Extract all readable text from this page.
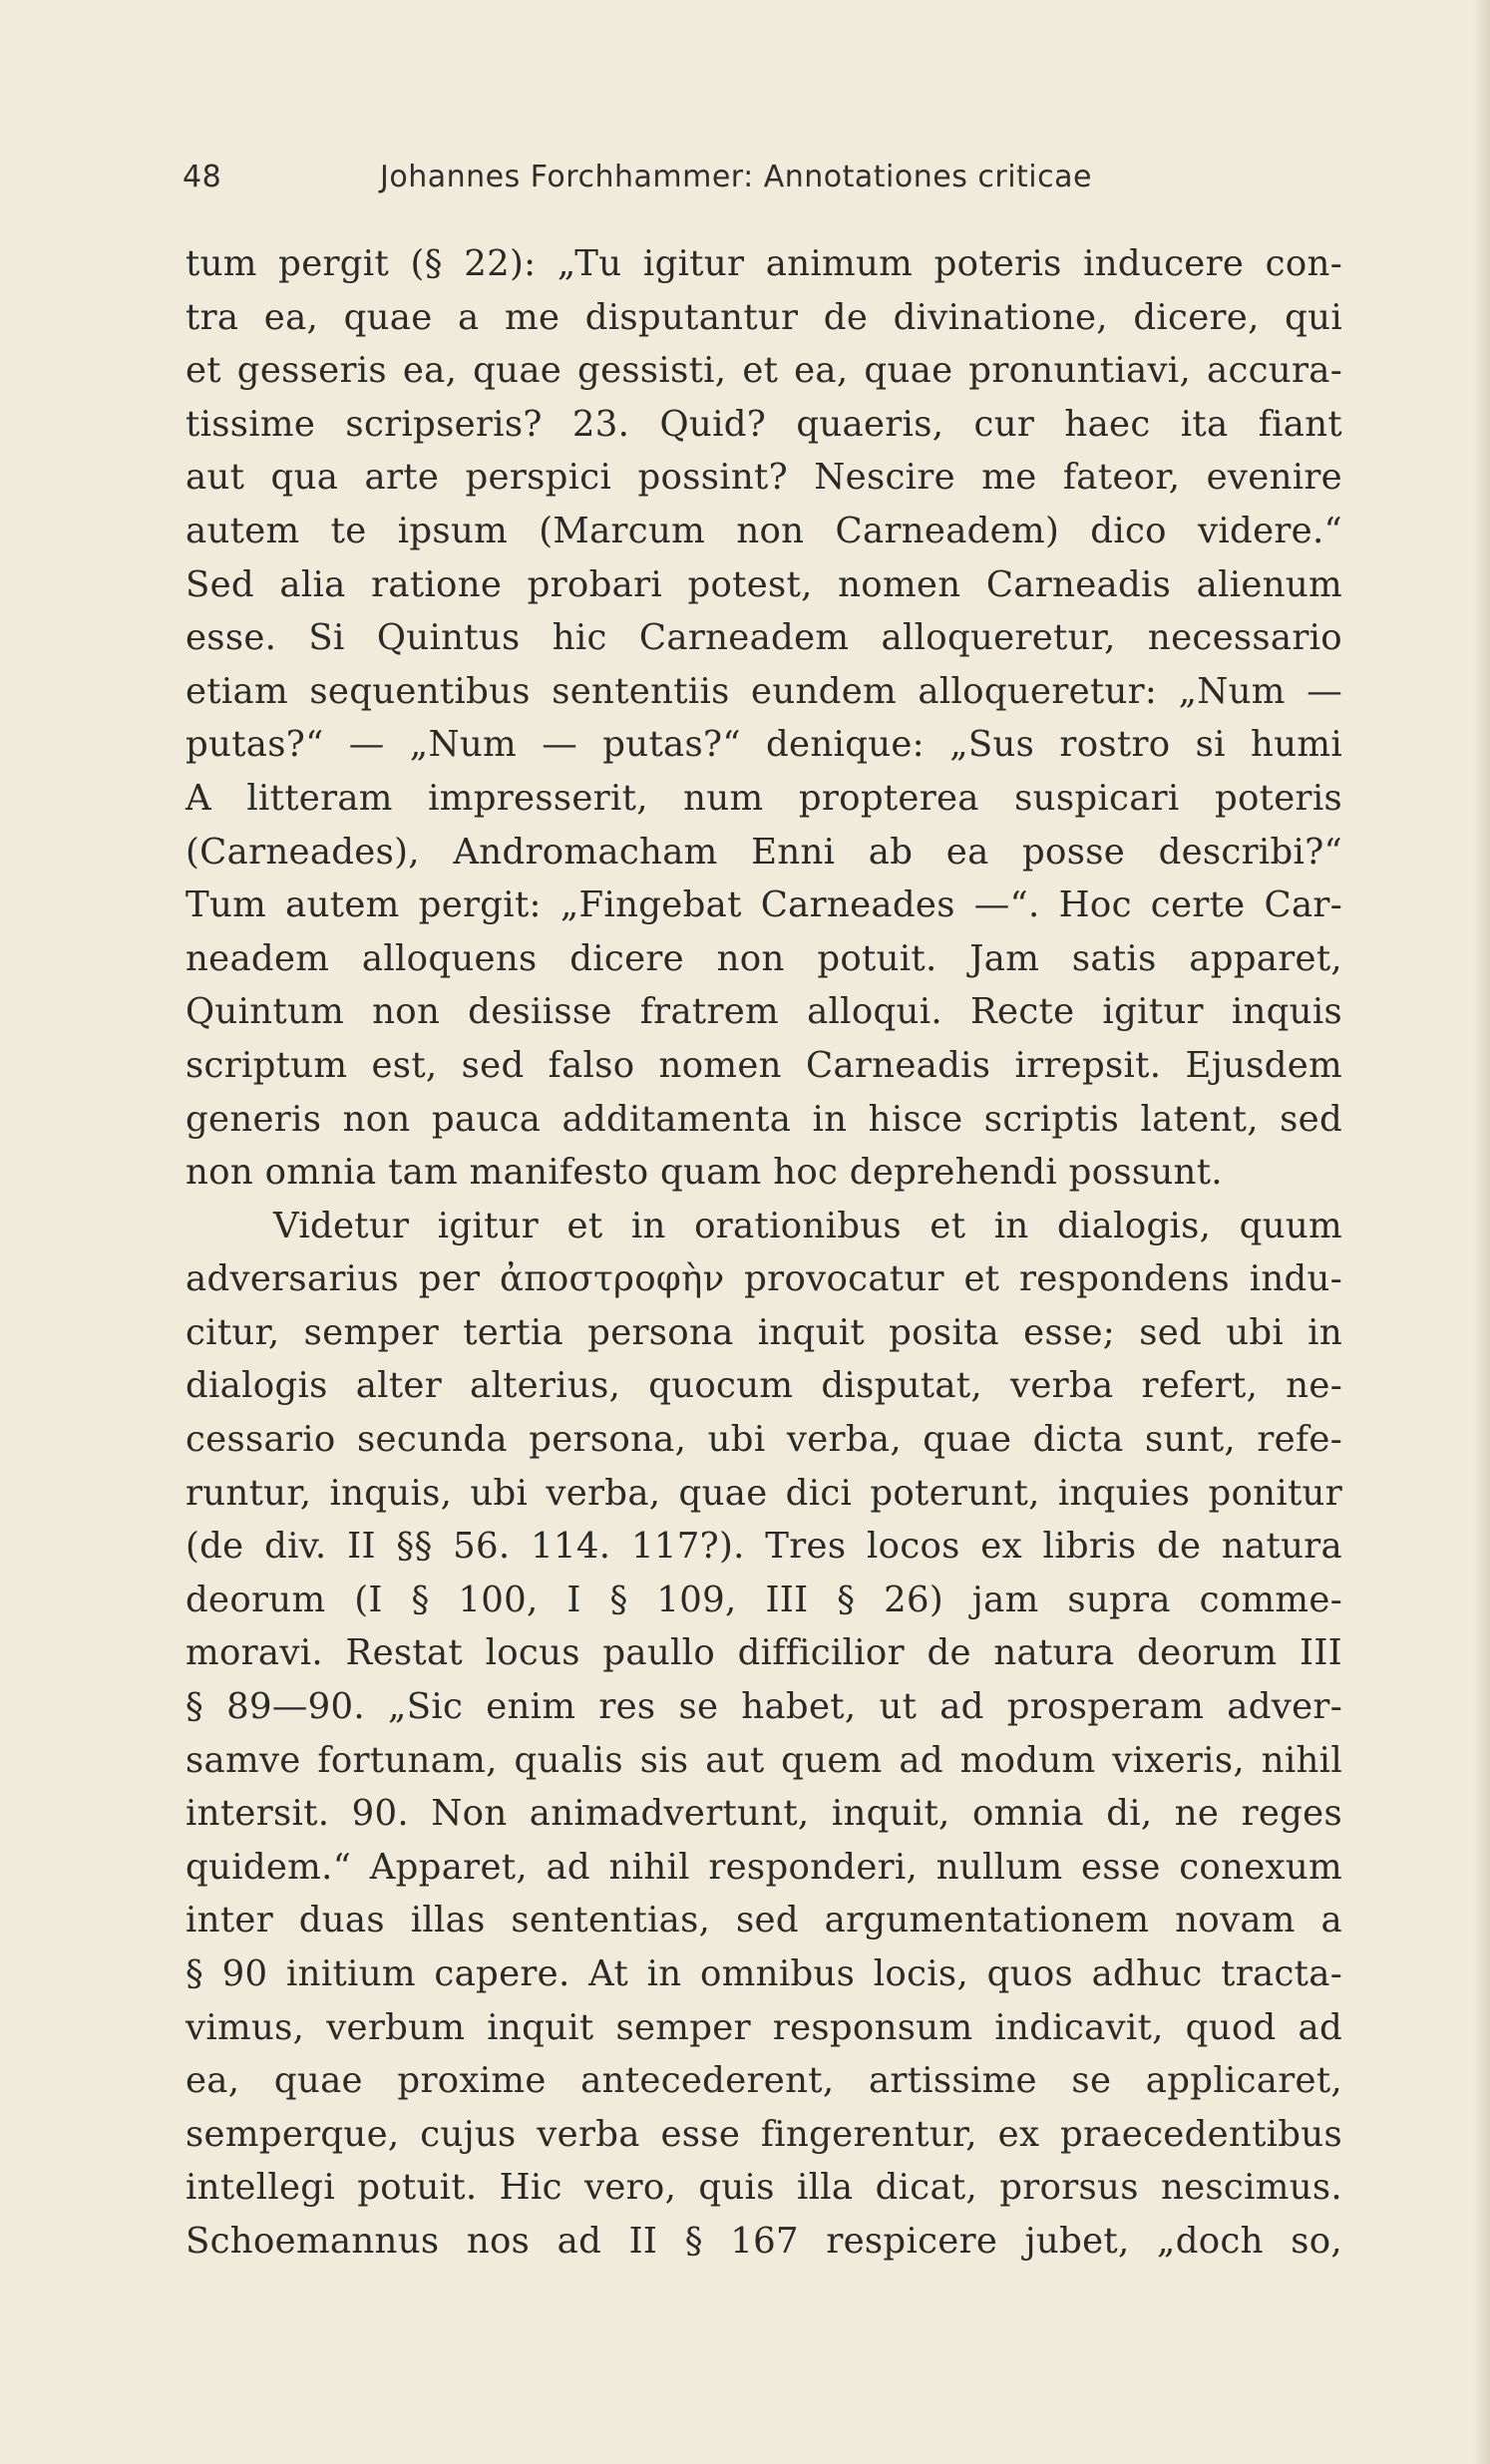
48	Johannes Forchhammer: Annotationes criticae
tum pergit (§ 22): „Tu igitur animum poteris inducere con-
tra ea, quae a me disputantur de divinatione, dicere, qui
et gesseris ea, quae gessisti, et ea, quae pronuntiavi, accura-
tissime scripseris? 23. Quid? quaeris, cur haec ita fiant
aut qua arte perspici possint? Nescire me fateor, evenire
autem te ipsum (Marcum non Carneadem) dico videre.“
Sed alia ratione probari potest, nomen Carneadis alienum
esse. Si Quintus hic Carneadem alloqueretur, necessario
etiam sequentibus sententiis eundem alloqueretur: „Num —
putas?“ — „Num — putas?“ denique: „Sus rostro si humi
A litteram impresserit, num propterea suspicari poteris
(Carneades), Andromacham Enni ab ea posse describi?“
Tum autem pergit: „Fingebat Carneades —“. Hoc certe Car-
neadem alloquens dicere non potuit. Jam satis apparet,
Quintum non desiisse fratrem alloqui. Recte igitur inquis
scriptum est, sed falso nomen Carneadis irrepsit. Ejusdem
generis non pauca additamenta in hisce scriptis latent, sed
non omnia tam manifesto quam hoc deprehendi possunt.
Videtur igitur et in orationibus et in dialogis, quum
adversarius per ἀποστροφὴν provocatur et respondens indu-
citur, semper tertia persona inquit posita esse; sed ubi in
dialogis alter alterius, quocum disputat, verba refert, ne-
cessario secunda persona, ubi verba, quae dicta sunt, refe-
runtur, inquis, ubi verba, quae dici poterunt, inquies ponitur
(de div. II §§ 56. 114. 117?). Tres locos ex libris de natura
deorum (I § 100, I § 109, III § 26) jam supra comme-
moravi. Restat locus paullo difficilior de natura deorum III
§ 89—90. „Sic enim res se habet, ut ad prosperam adver-
samve fortunam, qualis sis aut quem ad modum vixeris, nihil
intersit. 90. Non animadvertunt, inquit, omnia di, ne reges
quidem.“ Apparet, ad nihil responderi, nullum esse conexum
inter duas illas sententias, sed argumentationem novam a
§ 90 initium capere. At in omnibus locis, quos adhuc tracta-
vimus, verbum inquit semper responsum indicavit, quod ad
ea, quae proxime antecederent, artissime se applicaret,
semperque, cujus verba esse fingerentur, ex praecedentibus
intellegi potuit. Hic vero, quis illa dicat, prorsus nescimus.
Schoemannus nos ad II § 167 respicere jubet, „doch so,
